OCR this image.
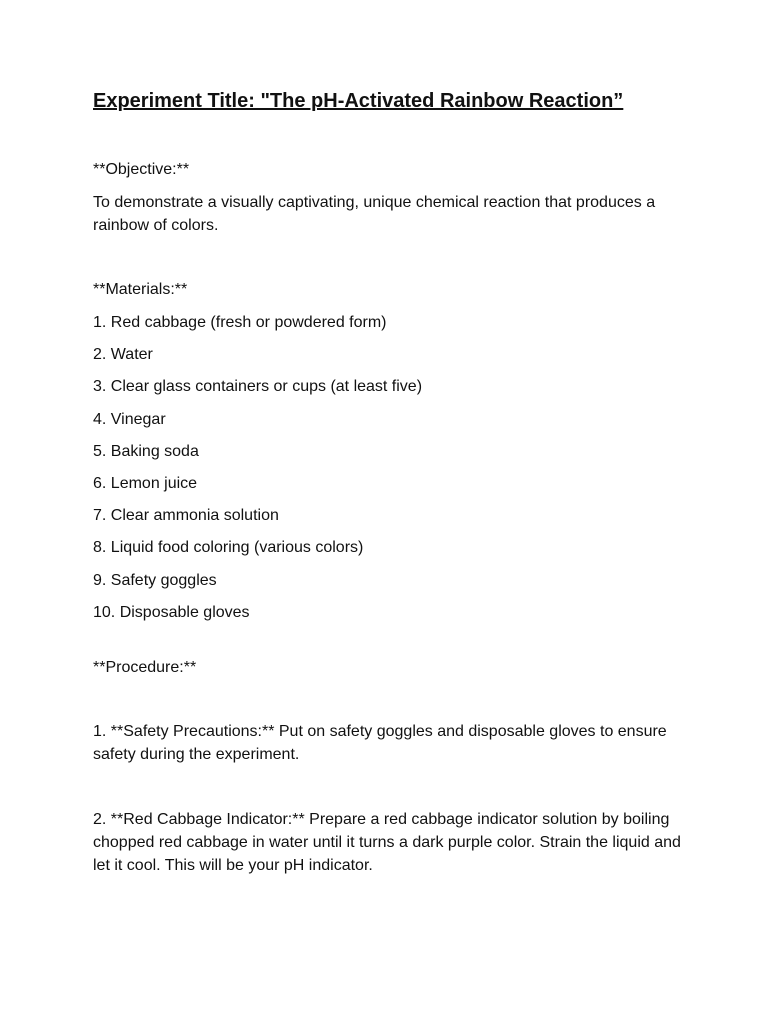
Experiment Title: "The pH-Activated Rainbow Reaction”

**Objective:**

To demonstrate a visually captivating, unique chemical reaction that produces a rainbow of colors.

**Materials:**

1. Red cabbage (fresh or powdered form)
2. Water
3. Clear glass containers or cups (at least five)
4. Vinegar
5. Baking soda
6. Lemon juice
7. Clear ammonia solution
8. Liquid food coloring (various colors)
9. Safety goggles
10. Disposable gloves

**Procedure:**

1. **Safety Precautions:** Put on safety goggles and disposable gloves to ensure safety during the experiment.

2. **Red Cabbage Indicator:** Prepare a red cabbage indicator solution by boiling chopped red cabbage in water until it turns a dark purple color. Strain the liquid and let it cool. This will be your pH indicator.
